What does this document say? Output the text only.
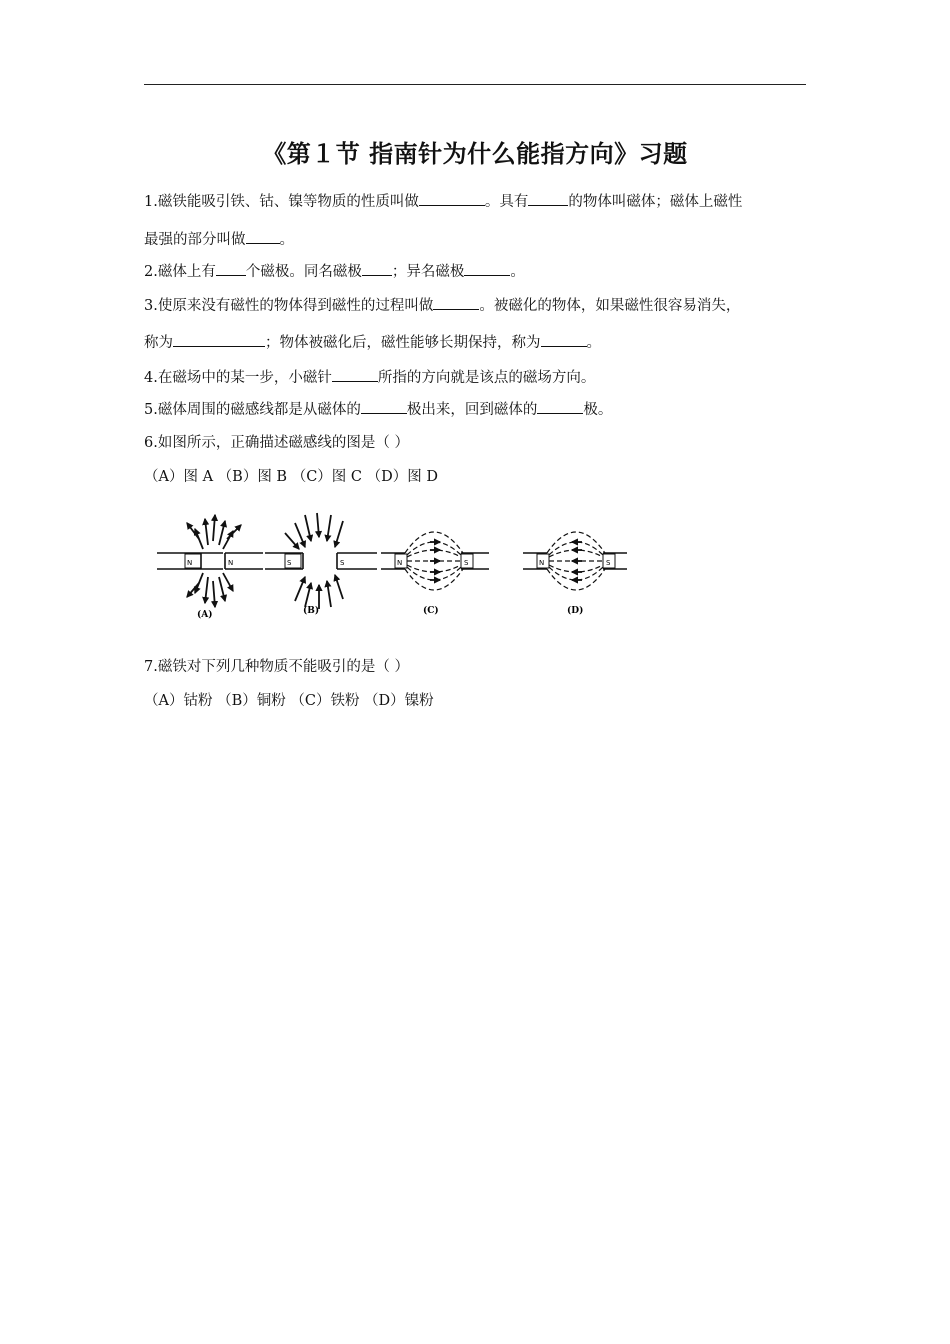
《第１节 指南针为什么能指方向》习题
1.磁铁能吸引铁、钴、镍等物质的性质叫做	。具有	的物体叫磁体；磁体上磁性
最强的部分叫做 。
2.磁体上有 个磁极。同名磁极 ；异名磁极	。
3.使原来没有磁性的物体得到磁性的过程叫做	。被磁化的物体，如果磁性很容易消失，
称为	；物体被磁化后，磁性能够长期保持，称为	。
4.在磁场中的某一步，小磁针	所指的方向就是该点的磁场方向。
5.磁体周围的磁感线都是从磁体的	极出来，回到磁体的	极。
6.如图所示，正确描述磁感线的图是（ ）
（A）图 A （B）图 B （C）图 C （D）图 D
N	N
(A)
S	S
(B)
N	S
(C)
N	S
(D)
7.磁铁对下列几种物质不能吸引的是（ ）
（A）钴粉 （B）铜粉 （C）铁粉 （D）镍粉
